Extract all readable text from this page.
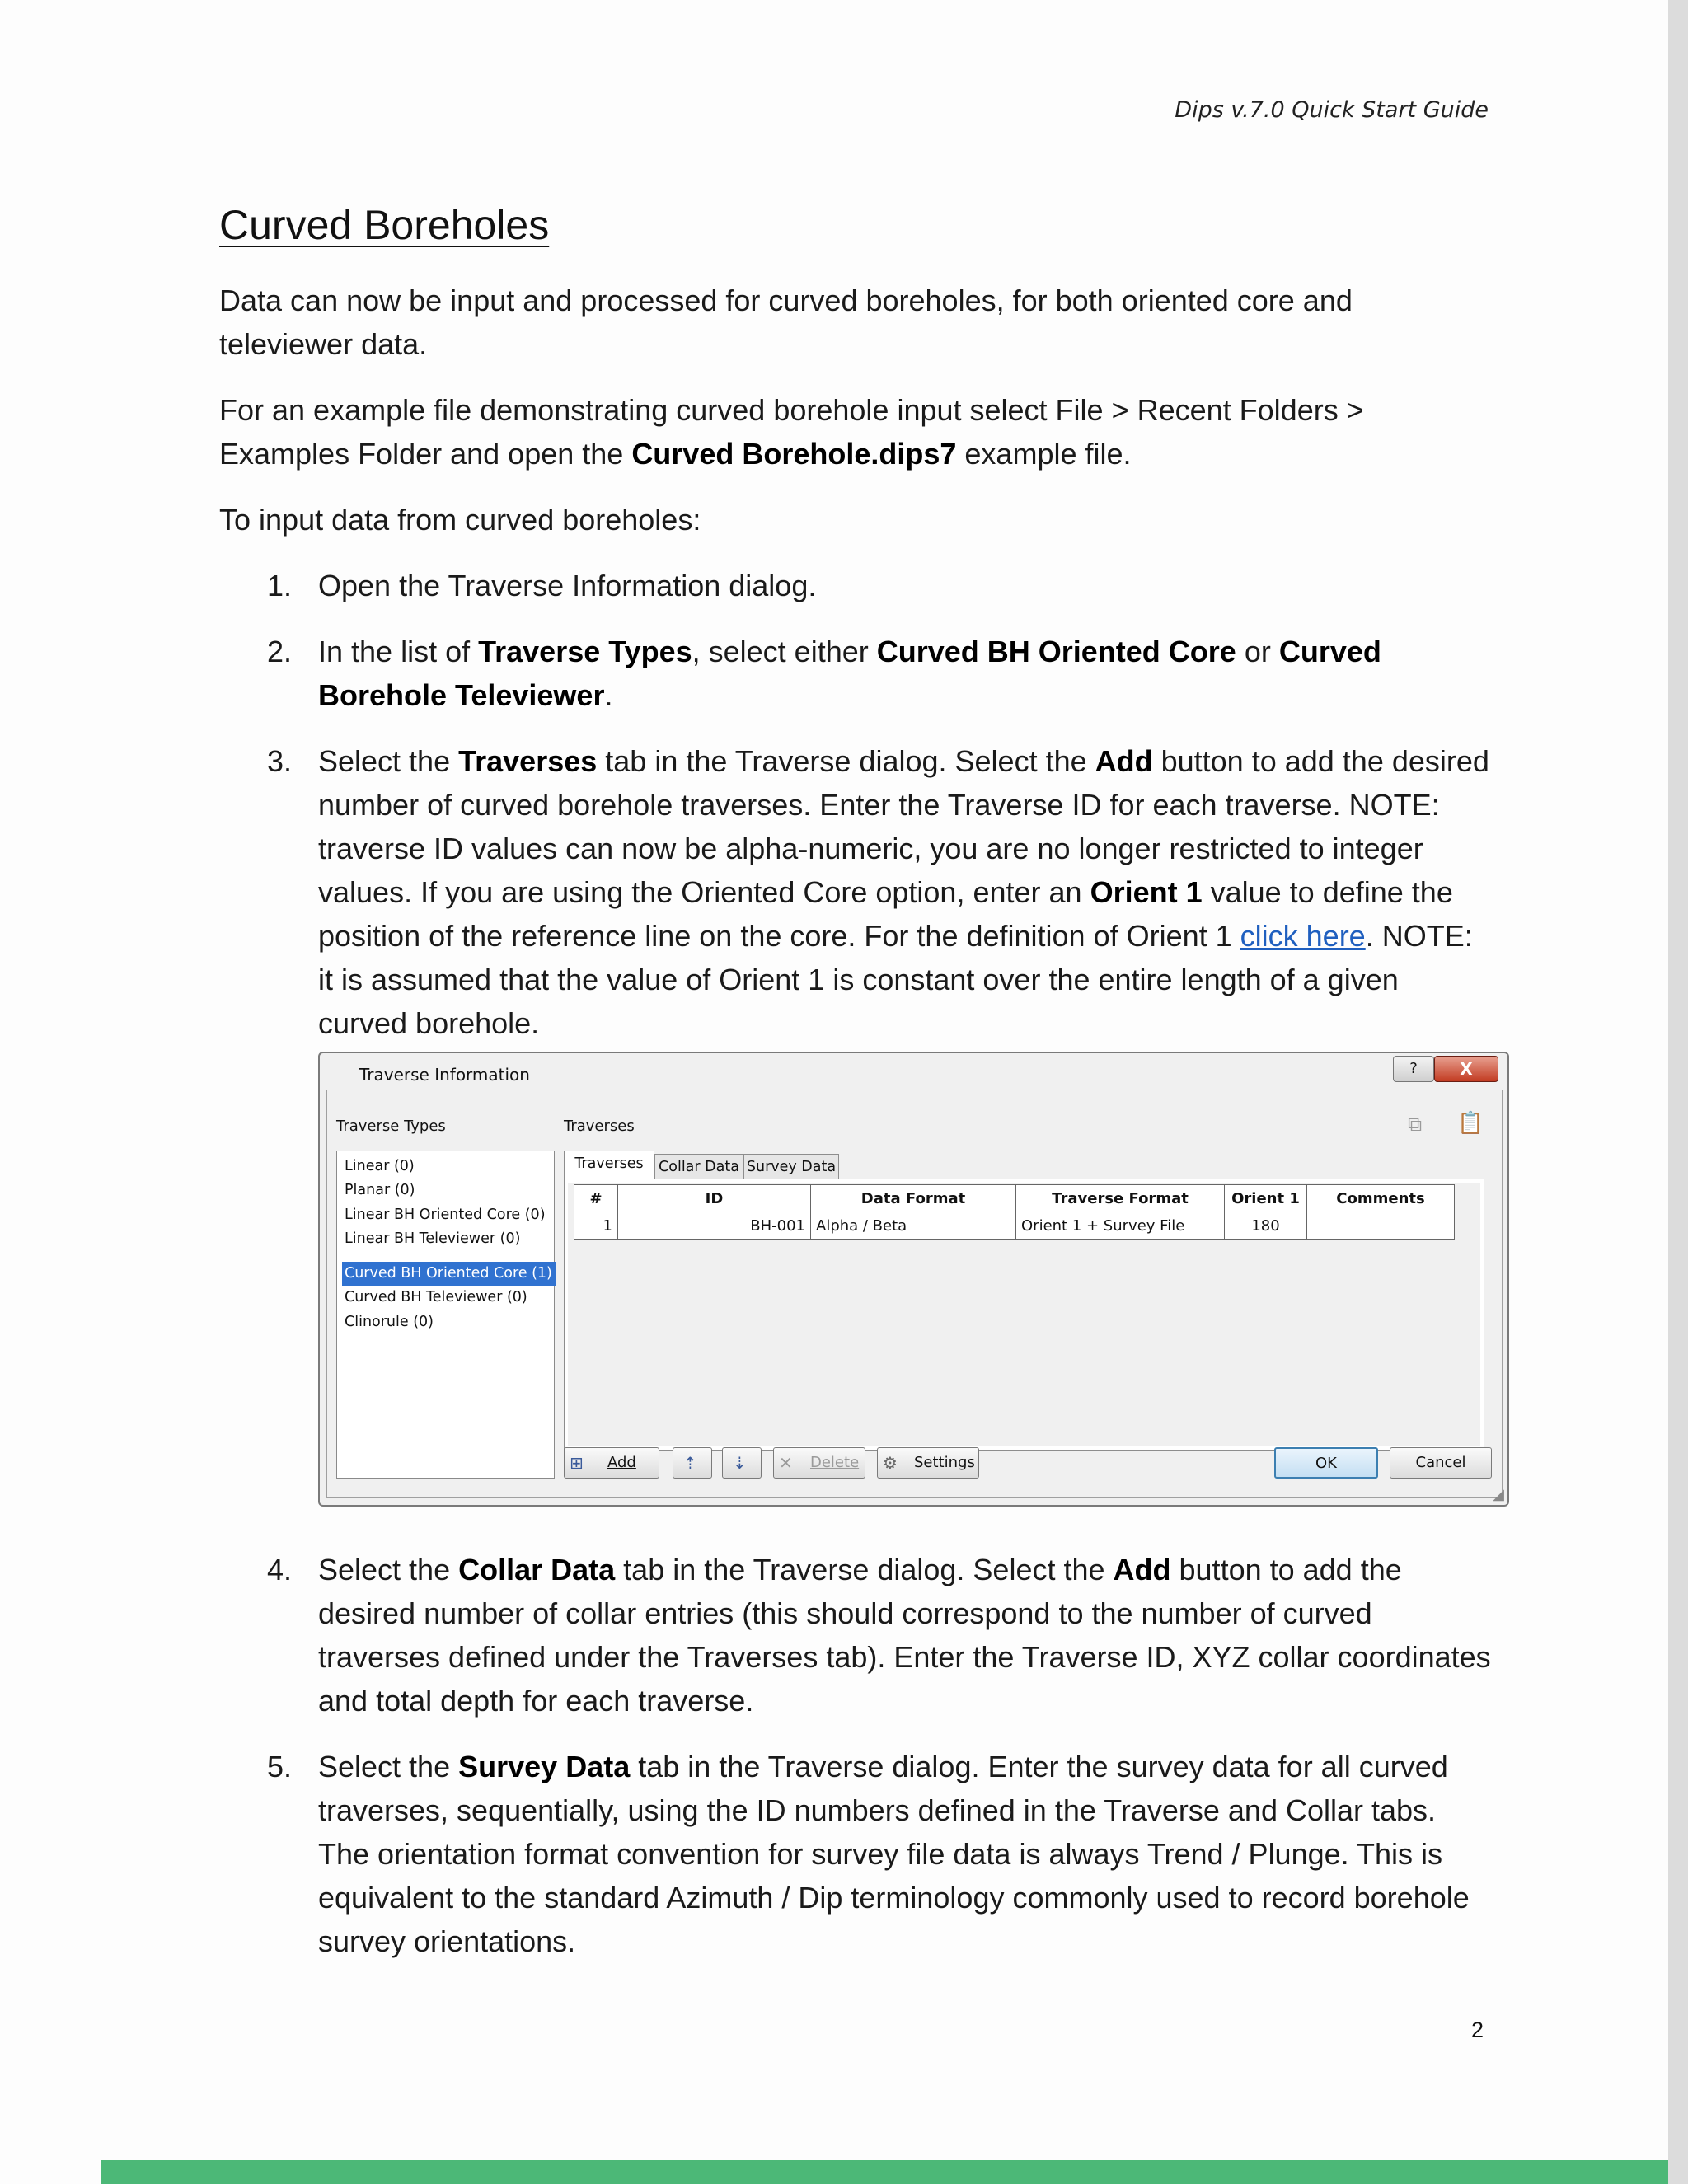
Dips v.7.0 Quick Start Guide
Curved Boreholes

Data can now be input and processed for curved boreholes, for both oriented core and televiewer data.

For an example file demonstrating curved borehole input select File > Recent Folders > Examples Folder and open the Curved Borehole.dips7 example file.

To input data from curved boreholes:

1. Open the Traverse Information dialog.
2. In the list of Traverse Types, select either Curved BH Oriented Core or Curved Borehole Televiewer.
3. Select the Traverses tab in the Traverse dialog. Select the Add button to add the desired number of curved borehole traverses. Enter the Traverse ID for each traverse. NOTE: traverse ID values can now be alpha-numeric, you are no longer restricted to integer values. If you are using the Oriented Core option, enter an Orient 1 value to define the position of the reference line on the core. For the definition of Orient 1 click here. NOTE: it is assumed that the value of Orient 1 is constant over the entire length of a given curved borehole.
Traverse Information	?	X
Traverse Types	Traverses	⧉ 📋
Linear (0)
Planar (0)
Linear BH Oriented Core (0)
Linear BH Televiewer (0)
Curved BH Oriented Core (1)
Curved BH Televiewer (0)
Clinorule (0)
Traverses	Collar Data Survey Data
#	ID	Data Format	Traverse Format	Orient 1	Comments
1	BH-001	Alpha / Beta	Orient 1 + Survey File	180	
⊞ Add	⇡ ⇣ ✕ Delete ⚙ Settings	OK	Cancel
◢
4. Select the Collar Data tab in the Traverse dialog. Select the Add button to add the desired number of collar entries (this should correspond to the number of curved traverses defined under the Traverses tab). Enter the Traverse ID, XYZ collar coordinates and total depth for each traverse.
5. Select the Survey Data tab in the Traverse dialog. Enter the survey data for all curved traverses, sequentially, using the ID numbers defined in the Traverse and Collar tabs. The orientation format convention for survey file data is always Trend / Plunge. This is equivalent to the standard Azimuth / Dip terminology commonly used to record borehole survey orientations.
2
